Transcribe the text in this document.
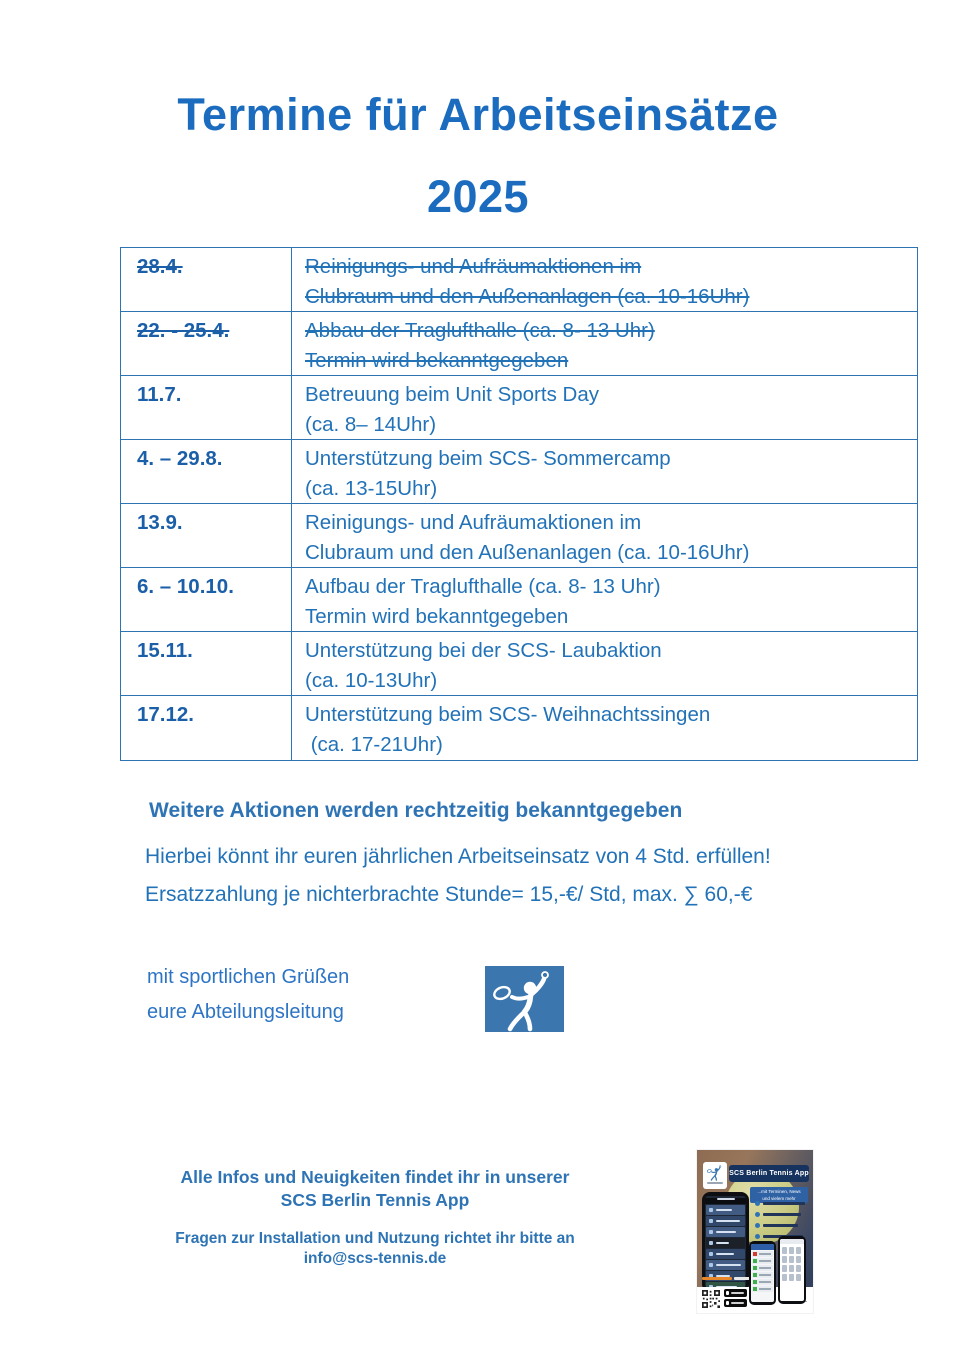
Termine für Arbeitseinsätze
2025
28.4.	Reinigungs- und Aufräumaktionen im
Clubraum und den Außenanlagen (ca. 10-16Uhr)
22. - 25.4.	Abbau der Traglufthalle (ca. 8- 13 Uhr)
Termin wird bekanntgegeben
11.7.	Betreuung beim Unit Sports Day
(ca. 8– 14Uhr)
4. – 29.8.	Unterstützung beim SCS- Sommercamp
(ca. 13-15Uhr)
13.9.	Reinigungs- und Aufräumaktionen im
Clubraum und den Außenanlagen (ca. 10-16Uhr)
6. – 10.10.	Aufbau der Traglufthalle (ca. 8- 13 Uhr)
Termin wird bekanntgegeben
15.11.	Unterstützung bei der SCS- Laubaktion
(ca. 10-13Uhr)
17.12.	Unterstützung beim SCS- Weihnachtssingen
(ca. 17-21Uhr)
Weitere Aktionen werden rechtzeitig bekanntgegeben
Hierbei könnt ihr euren jährlichen Arbeitseinsatz von 4 Std. erfüllen!
Ersatzzahlung je nichterbrachte Stunde= 15,-€/ Std, max. ∑ 60,-€
mit sportlichen Grüßen
eure Abteilungsleitung
Alle Infos und Neuigkeiten findet ihr in unserer
SCS Berlin Tennis App
Fragen zur Installation und Nutzung richtet ihr bitte an
info@scs-tennis.de
SCS Berlin Tennis App
...mit Terminen, News
und vielem mehr
